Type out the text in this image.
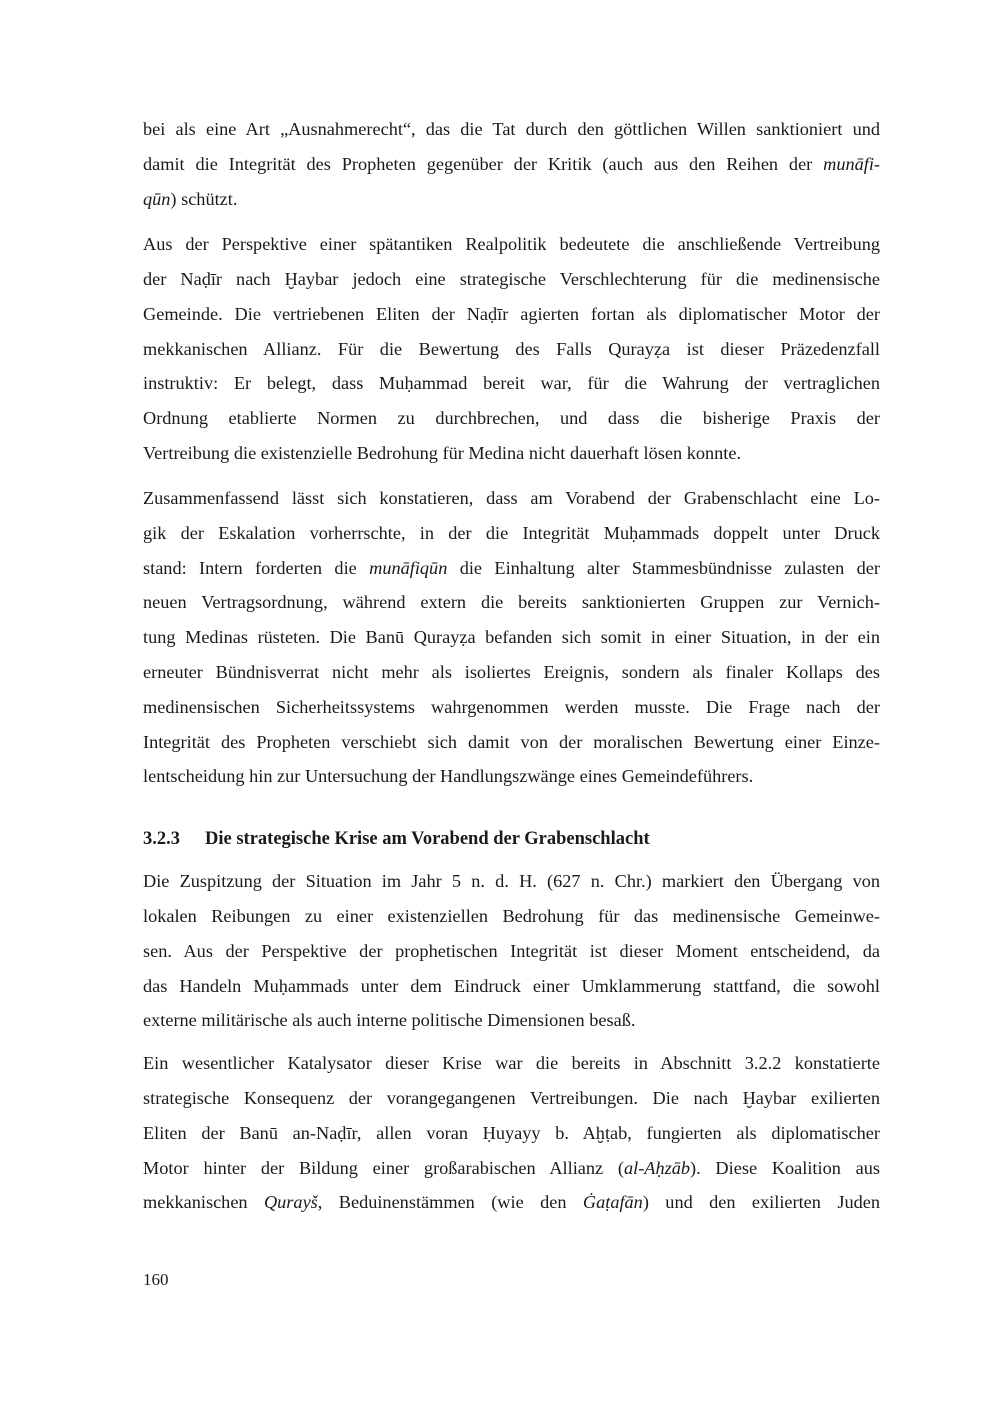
bei als eine Art „Ausnahmerecht“, das die Tat durch den göttlichen Willen sanktioniert und
damit die Integrität des Propheten gegenüber der Kritik (auch aus den Reihen der munāfi-
qūn) schützt.
Aus der Perspektive einer spätantiken Realpolitik bedeutete die anschließende Vertreibung
der Naḍīr nach Ḫaybar jedoch eine strategische Verschlechterung für die medinensische
Gemeinde. Die vertriebenen Eliten der Naḍīr agierten fortan als diplomatischer Motor der
mekkanischen Allianz. Für die Bewertung des Falls Qurayẓa ist dieser Präzedenzfall
instruktiv: Er belegt, dass Muḥammad bereit war, für die Wahrung der vertraglichen
Ordnung etablierte Normen zu durchbrechen, und dass die bisherige Praxis der
Vertreibung die existenzielle Bedrohung für Medina nicht dauerhaft lösen konnte.
Zusammenfassend lässt sich konstatieren, dass am Vorabend der Grabenschlacht eine Lo-
gik der Eskalation vorherrschte, in der die Integrität Muḥammads doppelt unter Druck
stand: Intern forderten die munāfiqūn die Einhaltung alter Stammesbündnisse zulasten der
neuen Vertragsordnung, während extern die bereits sanktionierten Gruppen zur Vernich-
tung Medinas rüsteten. Die Banū Qurayẓa befanden sich somit in einer Situation, in der ein
erneuter Bündnisverrat nicht mehr als isoliertes Ereignis, sondern als finaler Kollaps des
medinensischen Sicherheitssystems wahrgenommen werden musste. Die Frage nach der
Integrität des Propheten verschiebt sich damit von der moralischen Bewertung einer Einze-
lentscheidung hin zur Untersuchung der Handlungszwänge eines Gemeindeführers.
3.2.3 Die strategische Krise am Vorabend der Grabenschlacht
Die Zuspitzung der Situation im Jahr 5 n. d. H. (627 n. Chr.) markiert den Übergang von
lokalen Reibungen zu einer existenziellen Bedrohung für das medinensische Gemeinwe-
sen. Aus der Perspektive der prophetischen Integrität ist dieser Moment entscheidend, da
das Handeln Muḥammads unter dem Eindruck einer Umklammerung stattfand, die sowohl
externe militärische als auch interne politische Dimensionen besaß.
Ein wesentlicher Katalysator dieser Krise war die bereits in Abschnitt 3.2.2 konstatierte
strategische Konsequenz der vorangegangenen Vertreibungen. Die nach Ḫaybar exilierten
Eliten der Banū an-Naḍīr, allen voran Ḥuyayy b. Aḫṭab, fungierten als diplomatischer
Motor hinter der Bildung einer großarabischen Allianz (al-Aḥzāb). Diese Koalition aus
mekkanischen Qurayš, Beduinenstämmen (wie den Ġaṭafān) und den exilierten Juden
160
